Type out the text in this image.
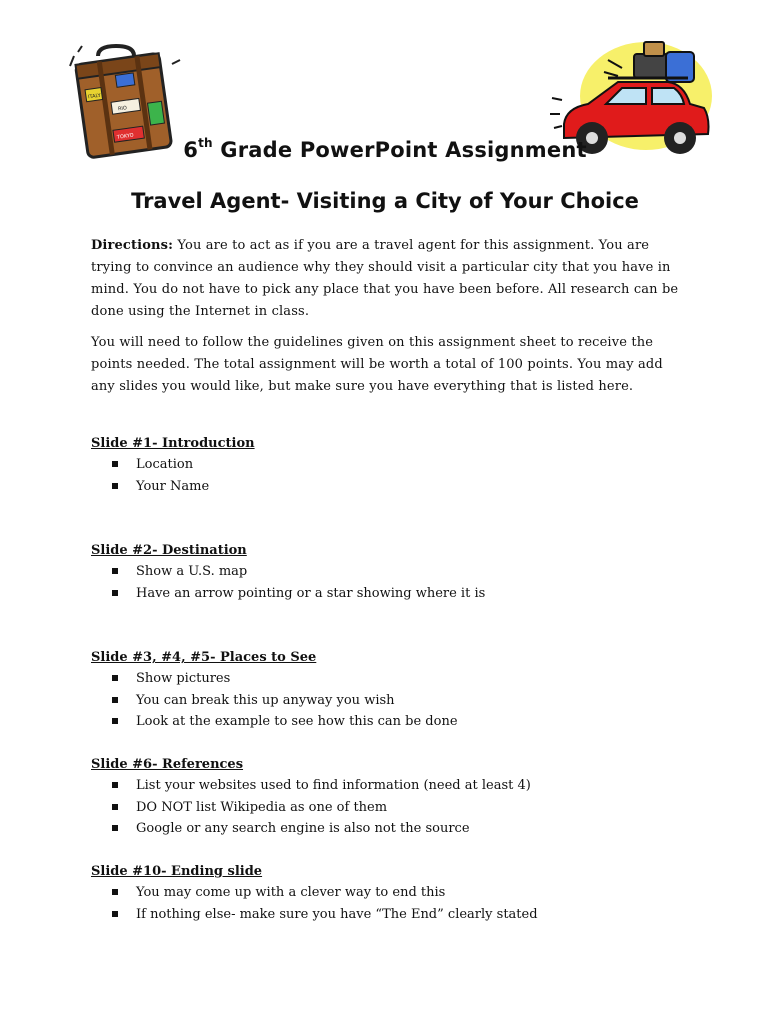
ITALY
RIO
TOKYO
6th Grade PowerPoint Assignment
Travel Agent- Visiting a City of Your Choice
Directions: You are to act as if you are a travel agent for this assignment. You are trying to convince an audience why they should visit a particular city that you have in mind. You do not have to pick any place that you have been before. All research can be done using the Internet in class.
You will need to follow the guidelines given on this assignment sheet to receive the points needed. The total assignment will be worth a total of 100 points. You may add any slides you would like, but make sure you have everything that is listed here.
Slide #1- Introduction
Location
Your Name
Slide #2- Destination
Show a U.S. map
Have an arrow pointing or a star showing where it is
Slide #3, #4, #5- Places to See
Show pictures
You can break this up anyway you wish
Look at the example to see how this can be done
Slide #6- References
List your websites used to find information (need at least 4)
DO NOT list Wikipedia as one of them
Google or any search engine is also not the source
Slide #10- Ending slide
You may come up with a clever way to end this
If nothing else- make sure you have “The End” clearly stated
